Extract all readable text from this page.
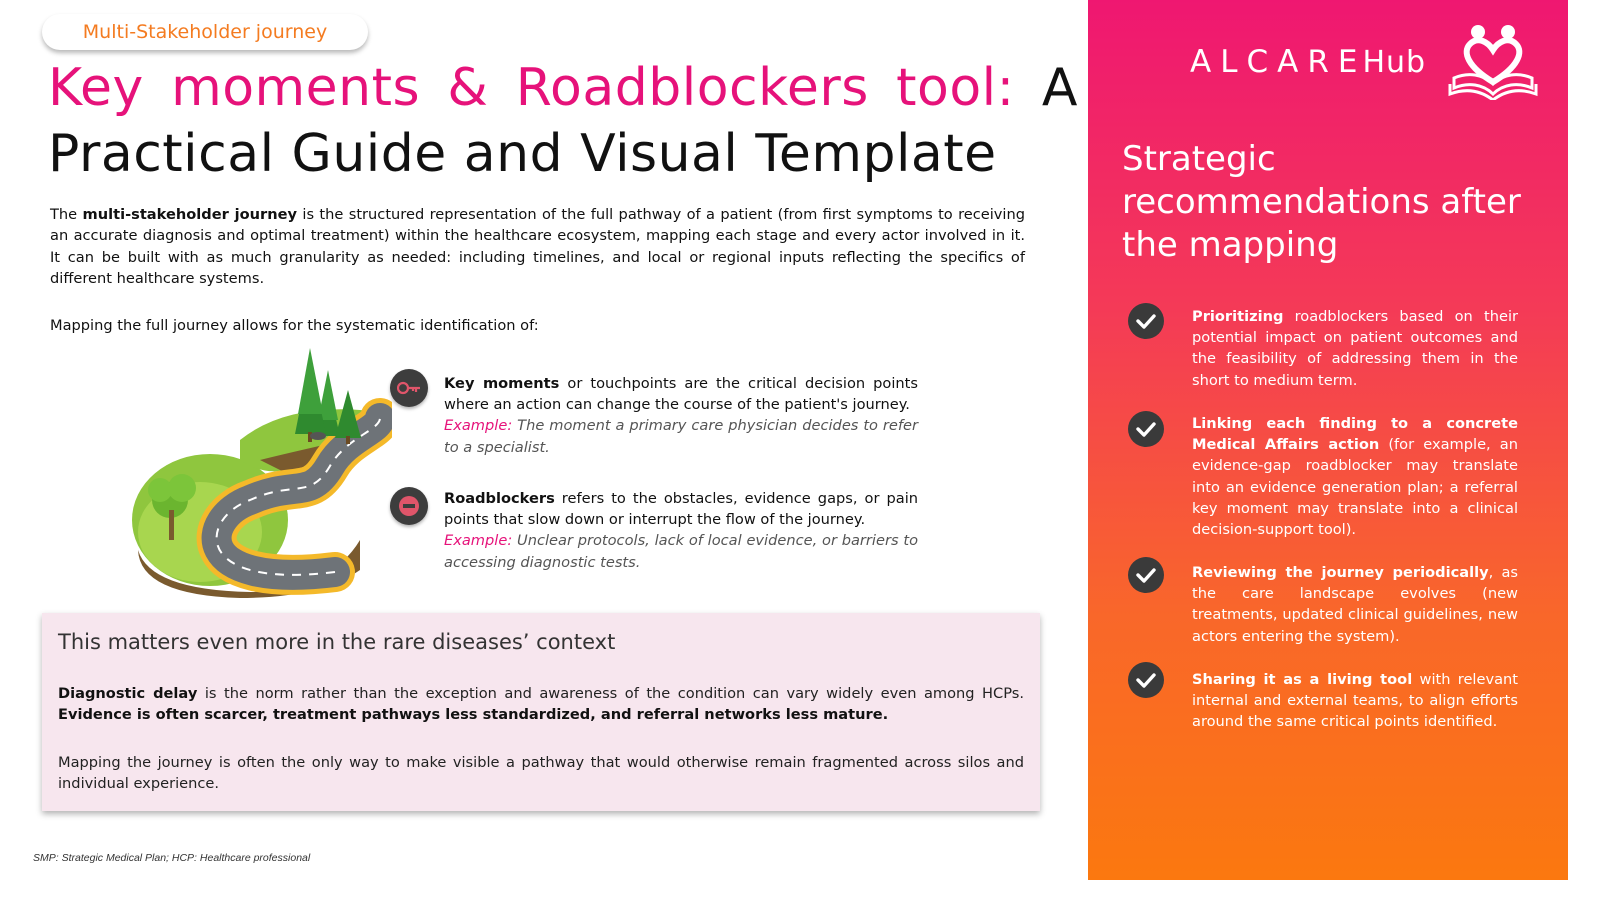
Multi-Stakeholder journey
Key moments & Roadblockers tool: A
Practical Guide and Visual Template

The multi-stakeholder journey is the structured representation of the full pathway of a patient (from first symptoms to receiving an accurate diagnosis and optimal treatment) within the healthcare ecosystem, mapping each stage and every actor involved in it. It can be built with as much granularity as needed: including timelines, and local or regional inputs reflecting the specifics of different healthcare systems.

Mapping the full journey allows for the systematic identification of:

Key moments or touchpoints are the critical decision points where an action can change the course of the patient's journey.
Example: The moment a primary care physician decides to refer to a specialist.

Roadblockers refers to the obstacles, evidence gaps, or pain points that slow down or interrupt the flow of the journey.
Example: Unclear protocols, lack of local evidence, or barriers to accessing diagnostic tests.

This matters even more in the rare diseases’ context

Diagnostic delay is the norm rather than the exception and awareness of the condition can vary widely even among HCPs. Evidence is often scarcer, treatment pathways less standardized, and referral networks less mature.

Mapping the journey is often the only way to make visible a pathway that would otherwise remain fragmented across silos and individual experience.

SMP: Strategic Medical Plan; HCP: Healthcare professional
ALCARE
Hub
Strategic recommendations after the mapping

Prioritizing roadblockers based on their potential impact on patient outcomes and the feasibility of addressing them in the short to medium term.

Linking each finding to a concrete Medical Affairs action (for example, an evidence-gap roadblocker may translate into an evidence generation plan; a referral key moment may translate into a clinical decision-support tool).

Reviewing the journey periodically, as the care landscape evolves (new treatments, updated clinical guidelines, new actors entering the system).

Sharing it as a living tool with relevant internal and external teams, to align efforts around the same critical points identified.
